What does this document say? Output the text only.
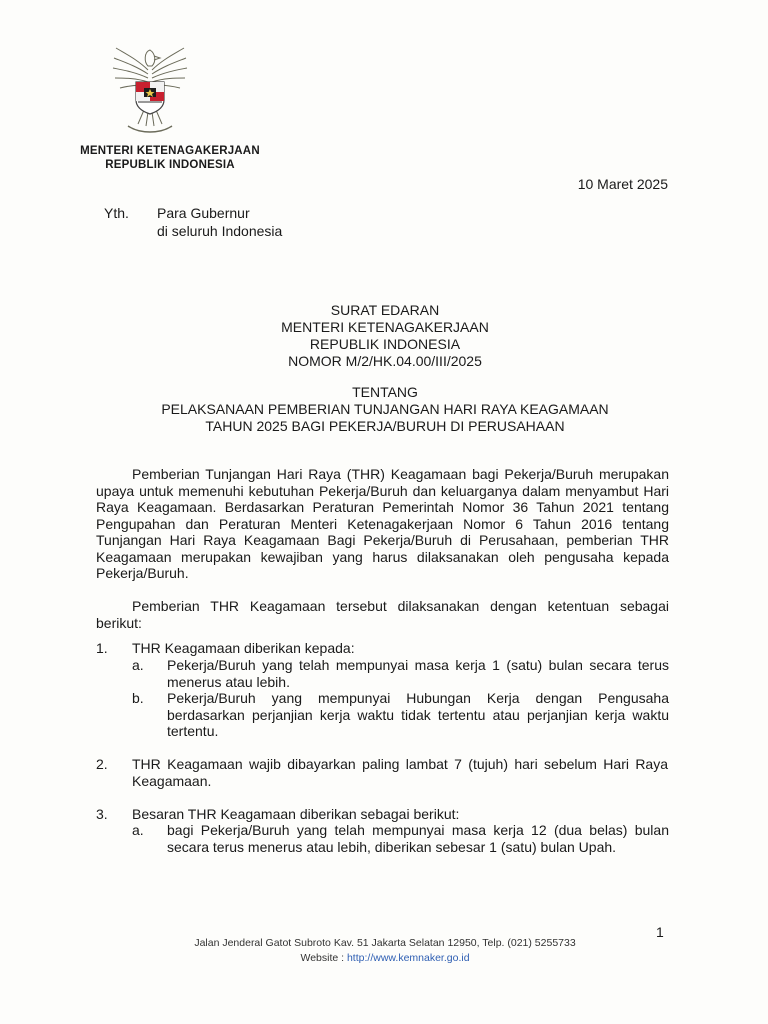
MENTERI KETENAGAKERJAAN
REPUBLIK INDONESIA
10 Maret 2025
Yth. Para Gubernur
di seluruh Indonesia
SURAT EDARAN
MENTERI KETENAGAKERJAAN
REPUBLIK INDONESIA
NOMOR M/2/HK.04.00/III/2025
TENTANG
PELAKSANAAN PEMBERIAN TUNJANGAN HARI RAYA KEAGAMAAN
TAHUN 2025 BAGI PEKERJA/BURUH DI PERUSAHAAN
Pemberian Tunjangan Hari Raya (THR) Keagamaan bagi Pekerja/Buruh merupakan upaya untuk memenuhi kebutuhan Pekerja/Buruh dan keluarganya dalam menyambut Hari Raya Keagamaan. Berdasarkan Peraturan Pemerintah Nomor 36 Tahun 2021 tentang Pengupahan dan Peraturan Menteri Ketenagakerjaan Nomor 6 Tahun 2016 tentang Tunjangan Hari Raya Keagamaan Bagi Pekerja/Buruh di Perusahaan, pemberian THR Keagamaan merupakan kewajiban yang harus dilaksanakan oleh pengusaha kepada Pekerja/Buruh.
Pemberian THR Keagamaan tersebut dilaksanakan dengan ketentuan sebagai berikut:
1.	THR Keagamaan diberikan kepada:
a.	Pekerja/Buruh yang telah mempunyai masa kerja 1 (satu) bulan secara terus menerus atau lebih.
b.	Pekerja/Buruh yang mempunyai Hubungan Kerja dengan Pengusaha berdasarkan perjanjian kerja waktu tidak tertentu atau perjanjian kerja waktu tertentu.
2.	THR Keagamaan wajib dibayarkan paling lambat 7 (tujuh) hari sebelum Hari Raya Keagamaan.
3.	Besaran THR Keagamaan diberikan sebagai berikut:
a.	bagi Pekerja/Buruh yang telah mempunyai masa kerja 12 (dua belas) bulan secara terus menerus atau lebih, diberikan sebesar 1 (satu) bulan Upah.
Jalan Jenderal Gatot Subroto Kav. 51 Jakarta Selatan 12950, Telp. (021) 5255733
Website : http://www.kemnaker.go.id
1
